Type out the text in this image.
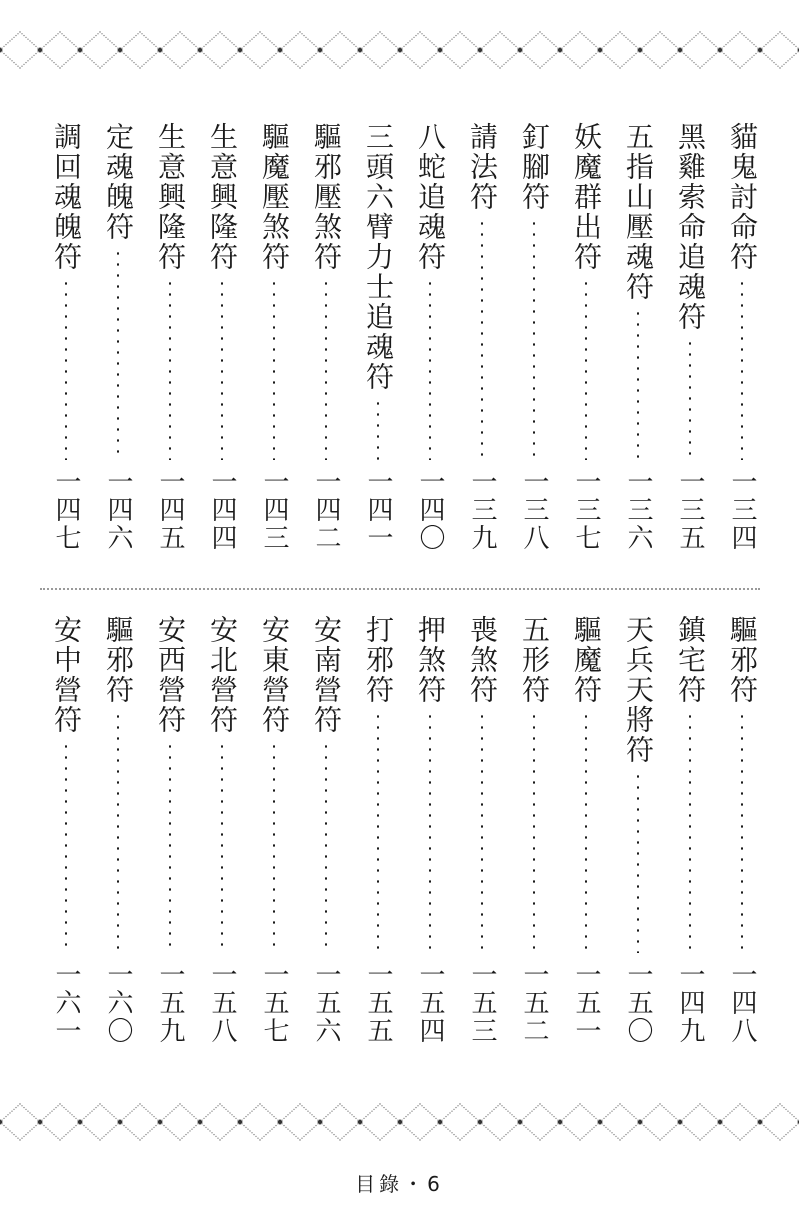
貓鬼討命符
一三四
黑雞索命追魂符
一三五
五指山壓魂符
一三六
妖魔群出符
一三七
釘腳符
一三八
請法符
一三九
八蛇追魂符
一四〇
三頭六臂力士追魂符
一四一
驅邪壓煞符
一四二
驅魔壓煞符
一四三
生意興隆符
一四四
生意興隆符
一四五
定魂魄符
一四六
調回魂魄符
一四七
驅邪符
一四八
鎮宅符
一四九
天兵天將符
一五〇
驅魔符
一五一
五形符
一五二
喪煞符
一五三
押煞符
一五四
打邪符
一五五
安南營符
一五六
安東營符
一五七
安北營符
一五八
安西營符
一五九
驅邪符
一六〇
安中營符
一六一
目錄・6
